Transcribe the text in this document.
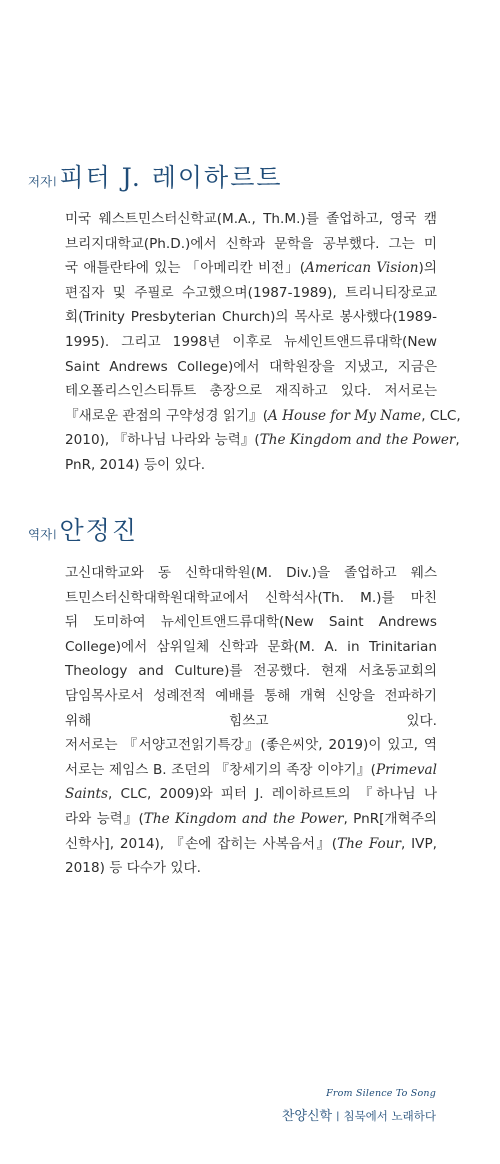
저자| 피터 J. 레이하르트
미국 웨스트민스터신학교(M.A., Th.M.)를 졸업하고, 영국 캠
브리지대학교(Ph.D.)에서 신학과 문학을 공부했다. 그는 미
국 애틀란타에 있는 「아메리칸 비전」(American Vision)의
편집자 및 주필로 수고했으며(1987-1989), 트리니티장로교
회(Trinity Presbyterian Church)의 목사로 봉사했다(1989-
1995). 그리고 1998년 이후로 뉴세인트앤드류대학(New
Saint Andrews College)에서 대학원장을 지냈고, 지금은
테오폴리스인스티튜트 총장으로 재직하고 있다. 저서로는
『새로운 관점의 구약성경 읽기』(A House for My Name, CLC,
2010), 『하나님 나라와 능력』(The Kingdom and the Power,
PnR, 2014) 등이 있다.
역자| 안정진
고신대학교와 동 신학대학원(M. Div.)을 졸업하고 웨스
트민스터신학대학원대학교에서 신학석사(Th. M.)를 마친
뒤 도미하여 뉴세인트앤드류대학(New Saint Andrews
College)에서 삼위일체 신학과 문화(M. A. in Trinitarian
Theology and Culture)를 전공했다. 현재 서초동교회의
담임목사로서 성례전적 예배를 통해 개혁 신앙을 전파하기
위해 힘쓰고 있다.
저서로는 『서양고전읽기특강』(좋은씨앗, 2019)이 있고, 역
서로는 제임스 B. 조던의 『창세기의 족장 이야기』(Primeval
Saints, CLC, 2009)와 피터 J. 레이하르트의 『하나님 나
라와 능력』(The Kingdom and the Power, PnR[개혁주의
신학사], 2014), 『손에 잡히는 사복음서』(The Four, IVP,
2018) 등 다수가 있다.
From Silence To Song
찬양신학 | 침묵에서 노래하다
